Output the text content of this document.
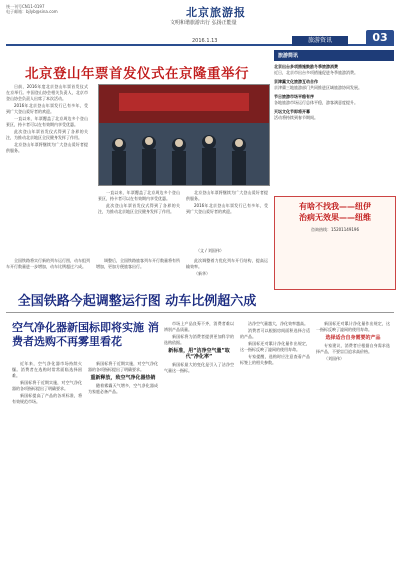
统一刊号CN11-0197
电子邮箱：bjlyb@sina.com	北京旅游报
文明和谐旅游出行 弘扬正能量
2016.1.13	旅游资讯	03
北京登山年票首发仪式在京隆重举行

日前，2016年度北京登山年票首发仪式在京举行。中国登山协会相关负责人，北京市登山协会负责人出席了本次活动。

2016年北京登山年票发行已有多年，受到广大登山爱好者的欢迎。

一直以来，年票覆盖了北京周边多个登山景区，持卡者可以在有效期内享受优惠。

此次登山年票首发仪式得到了各界的关注，为推动北京地区全民健身发挥了作用。

北京登山年票将继续为广大登山爱好者提供服务。

一直以来，年票覆盖了北京周边多个登山景区，持卡者可以在有效期内享受优惠。

此次登山年票首发仪式得到了各界的关注，为推动北京地区全民健身发挥了作用。

北京登山年票将继续为广大登山爱好者提供服务。

2016年北京登山年票发行已有多年，受到广大登山爱好者的欢迎。

（文 / 刘国伟）
全国铁路今起调整运行图 动车比例超六成

全国铁路将实行新的列车运行图，动车组列车开行数量进一步增加，动车比例超过六成。

调整后，全国铁路旅客列车开行数量将有所增加，更加方便旅客出行。

此次调整着力优化列车开行结构，提高运输效率。

（新华）

旅游简讯
北京出台多项措施鼓励冬季旅游消费
近日，北京市出台多项措施促进冬季旅游消费。
京津冀文化旅游互动合作
京津冀三地旅游部门共同推进区域旅游协同发展。
节日旅游市场平稳有序
各地旅游市场运行总体平稳，游客满意度提升。
天坛文化节即将开幕
活动将持续到春节期间。
有啥不找我——纽伊
治病无效果——纽维
咨询热线：15201149196
空气净化器新国标即将实施 消费者选购不再雾里看花

近年来，空气净化器市场持续火爆。消费者在选购时常常面临选择困难。

新国标将于近期实施，对空气净化器的各项指标提出了明确要求。

新国标提高了产品的各项标准，将有效规范市场。

新国标将于近期实施，对空气净化器的各项指标提出了明确要求。

重新释放，致空气净化器热销

随着雾霾天气增多，空气净化器成为家庭必备产品。

市场上产品良莠不齐，消费者难以辨别产品质量。

新国标将为消费者提供更加科学的选购依据。

新标准，用“洁净空气量”取代“净化率”

新国标最大的变化是引入了洁净空气量这一指标。

洁净空气量越大，净化效率越高。

消费者可以根据房间面积选择合适的产品。

新国标还对累计净化量作出规定，这一指标反映了滤网的使用寿命。

专家提醒，选购时应注意查看产品标签上的相关参数。

新国标还对累计净化量作出规定，这一指标反映了滤网的使用寿命。

选择适合自身需要的产品

专家建议，消费者应根据自身需求选择产品，不要盲目追求高价格。

（刘国伟）
